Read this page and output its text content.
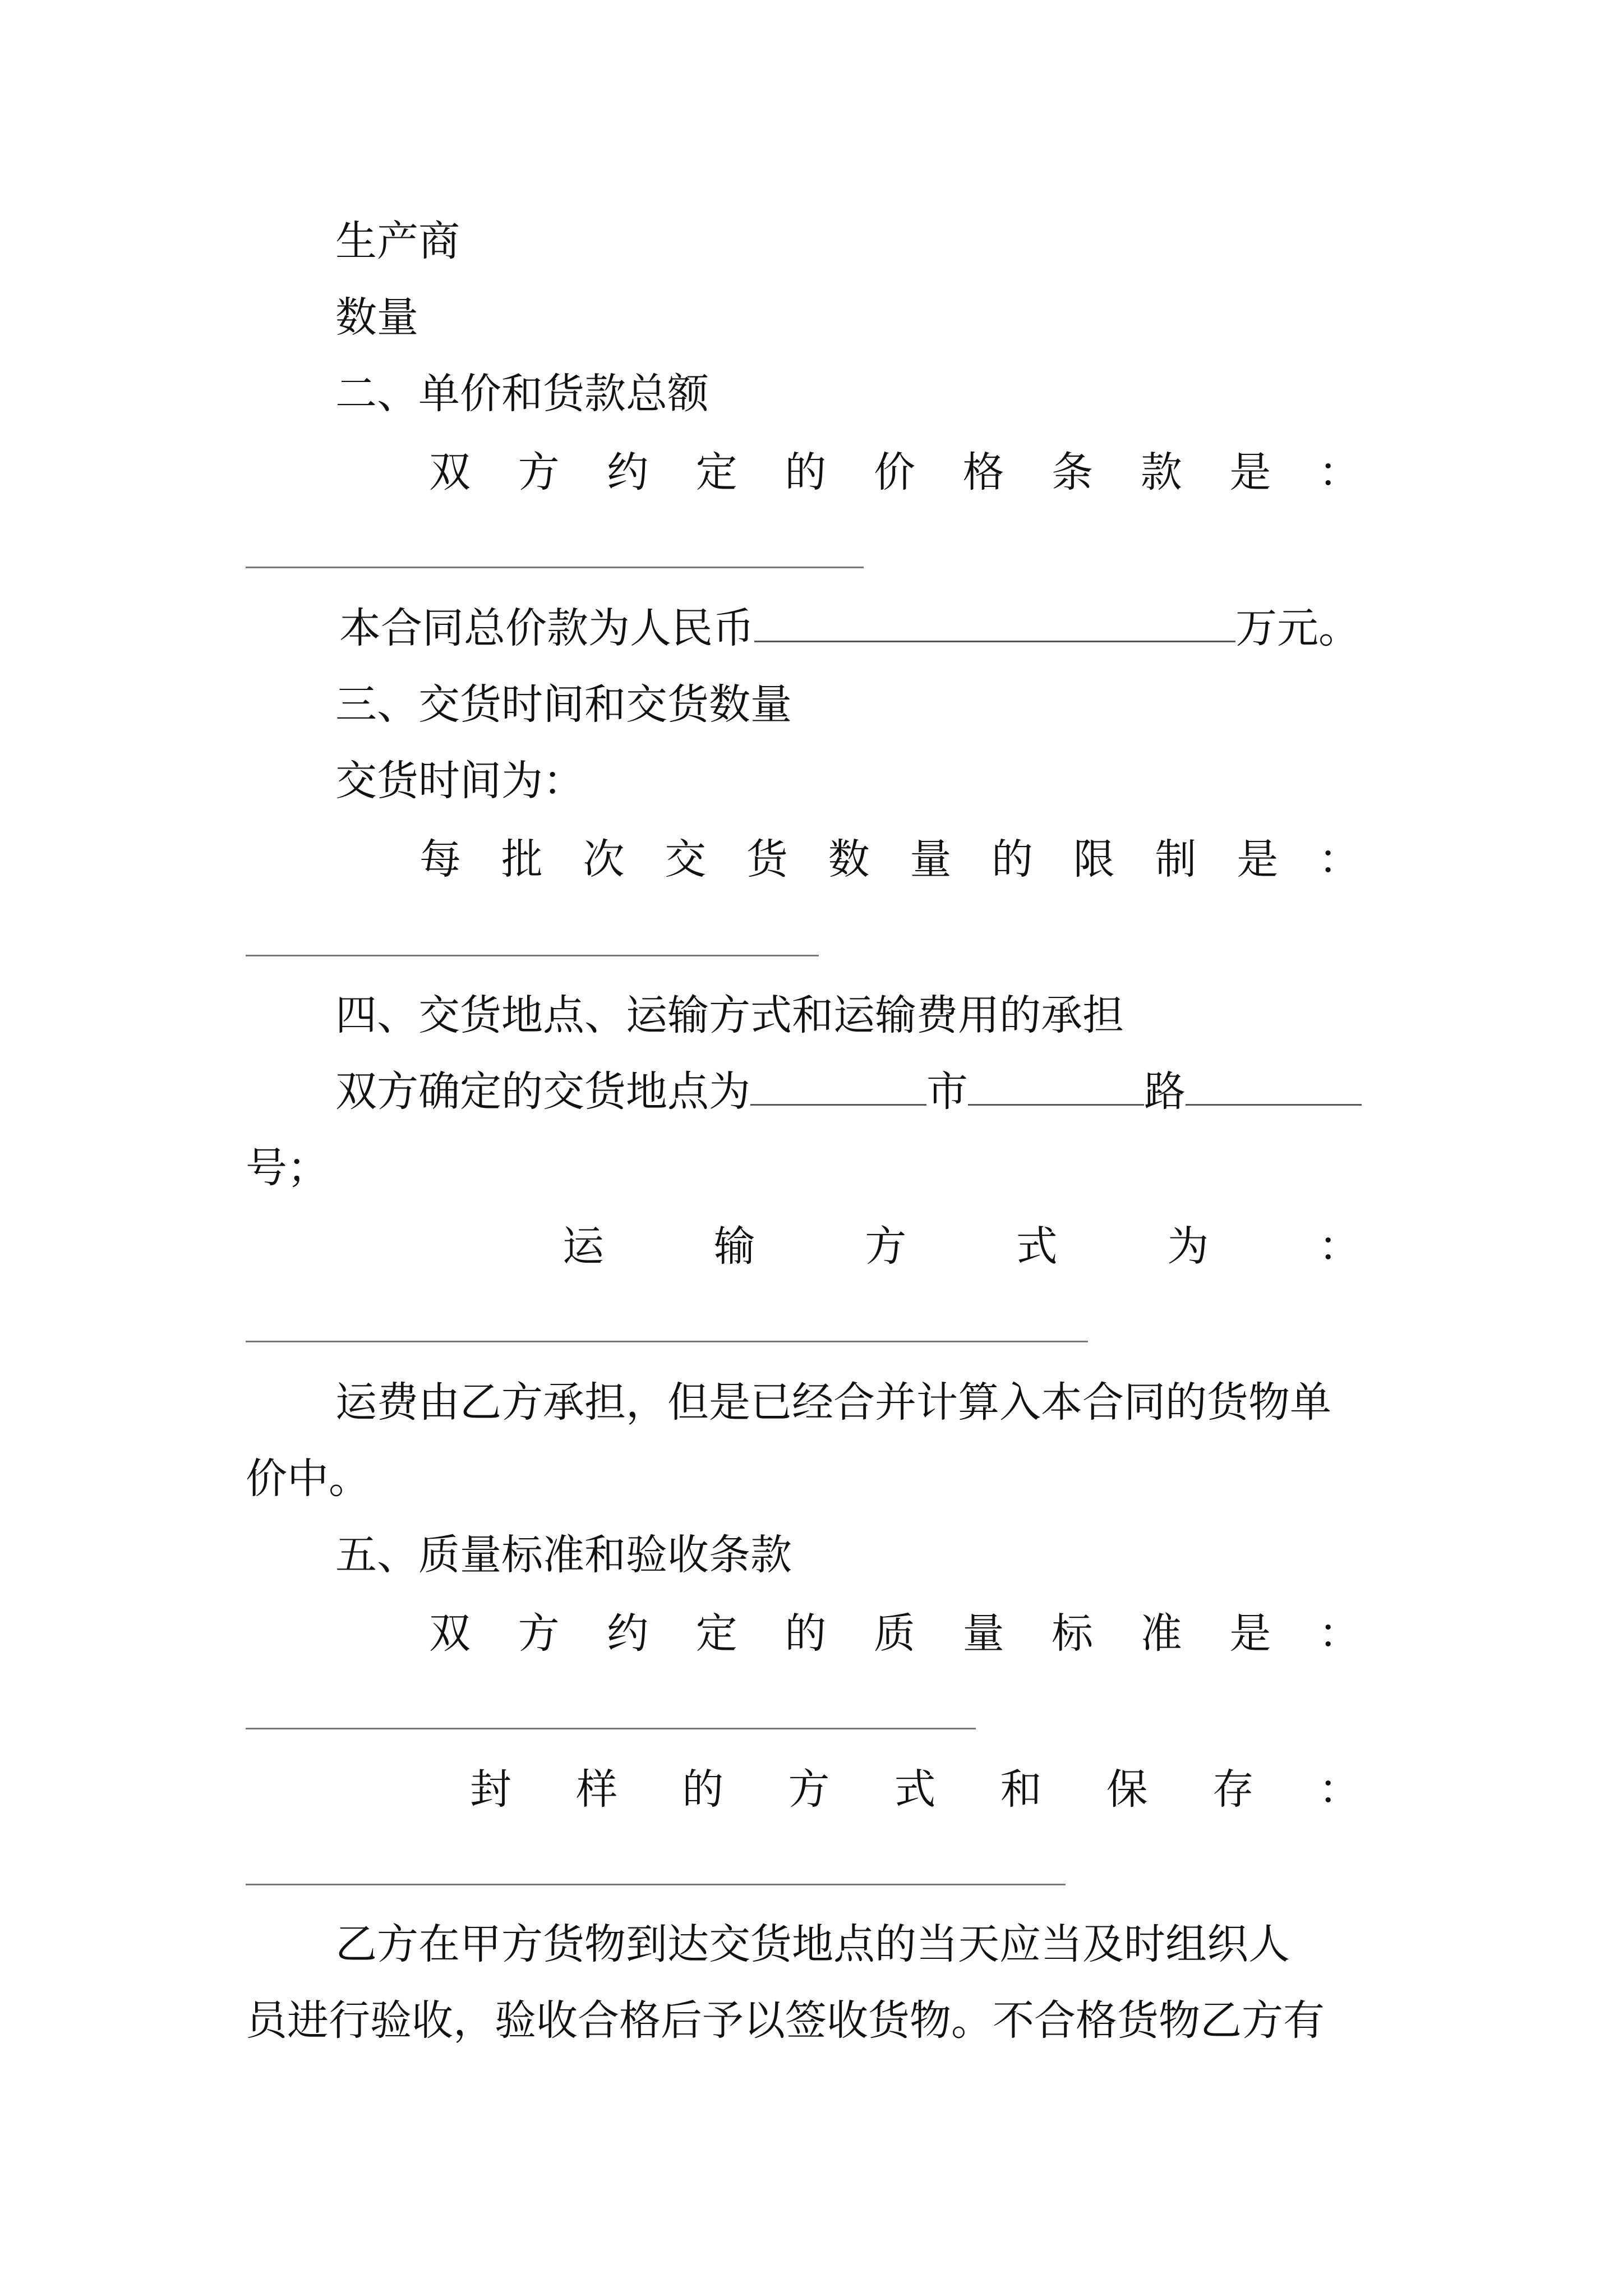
生产商
数量
二、单价和货款总额
双 方 约 定 的 价 格 条 款 是 ：
本合同总价款为人民币	万元。
三、交货时间和交货数量
交货时间为：
每 批 次 交 货 数 量 的 限 制 是 ：
四、交货地点、运输方式和运输费用的承担
双方确定的交货地点为	市	路
号；
运	输	方	式	为	：
运费由乙方承担，但是已经合并计算入本合同的货物单
价中。
五、质量标准和验收条款
双 方 约 定 的 质 量 标 准 是 ：
封 样 的 方 式 和 保 存 ：
乙方在甲方货物到达交货地点的当天应当及时组织人
员进行验收，验收合格后予以签收货物。不合格货物乙方有
